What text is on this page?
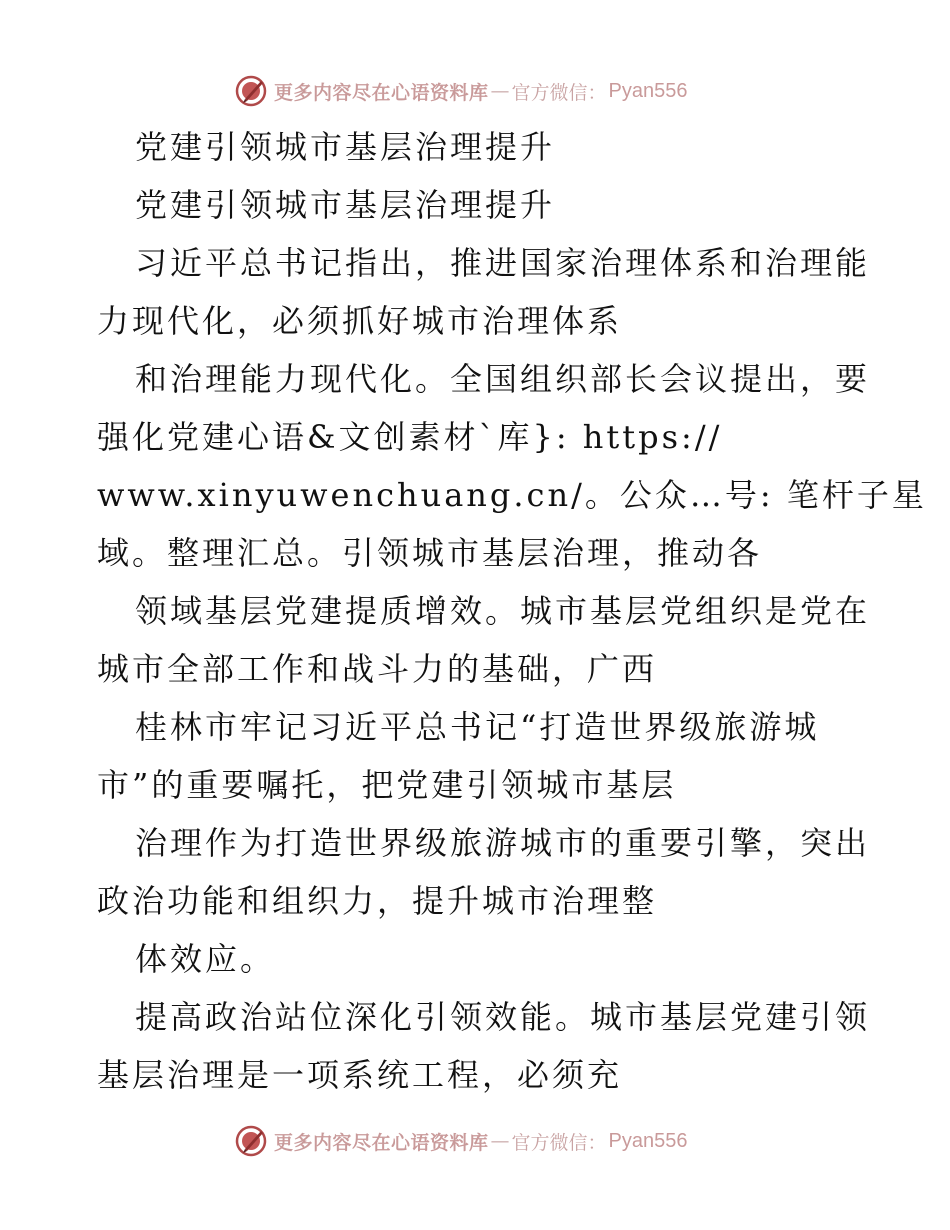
更多内容尽在心语资料库 — 官方微信： Pyan556
党建引领城市基层治理提升
党建引领城市基层治理提升
习近平总书记指出，推进国家治理体系和治理能
力现代化，必须抓好城市治理体系
和治理能力现代化。全国组织部长会议提出，要
强化党建心语&文创素材`库}: https://
www.xinyuwenchuang.cn/。公众…号: 笔杆子星
域。整理汇总。引领城市基层治理，推动各
领域基层党建提质增效。城市基层党组织是党在
城市全部工作和战斗力的基础，广西
桂林市牢记习近平总书记“打造世界级旅游城
市”的重要嘱托，把党建引领城市基层
治理作为打造世界级旅游城市的重要引擎，突出
政治功能和组织力，提升城市治理整
体效应。
提高政治站位深化引领效能。城市基层党建引领
基层治理是一项系统工程，必须充
更多内容尽在心语资料库 — 官方微信： Pyan556
